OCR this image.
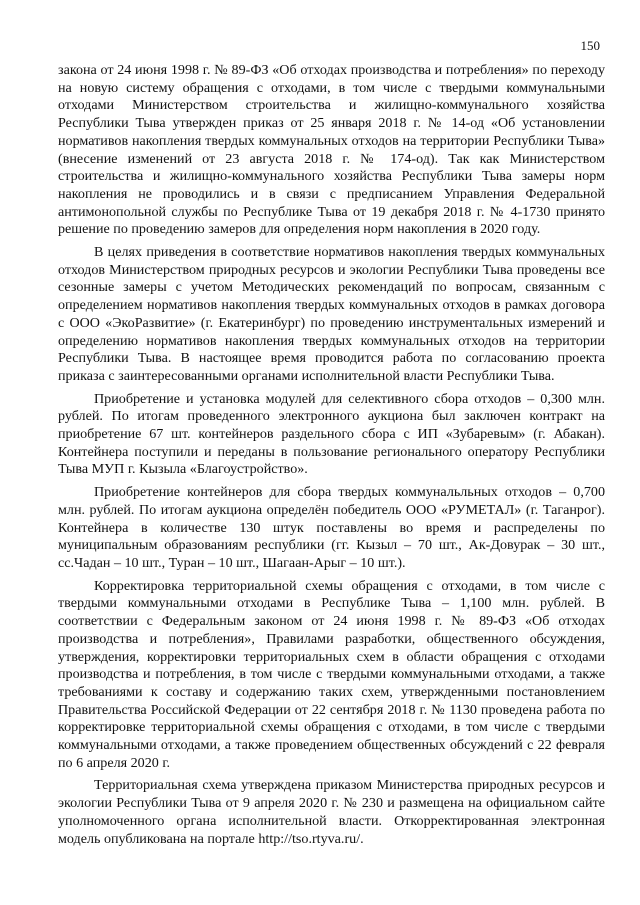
150

закона от 24 июня 1998 г. № 89-ФЗ «Об отходах производства и потребления» по переходу на новую систему обращения с отходами, в том числе с твердыми коммунальными отходами Министерством строительства и жилищно-коммунального хозяйства Республики Тыва утвержден приказ от 25 января 2018 г. № 14-од «Об установлении нормативов накопления твердых коммунальных отходов на территории Республики Тыва» (внесение изменений от 23 августа 2018 г. № 174-од). Так как Министерством строительства и жилищно-коммунального хозяйства Республики Тыва замеры норм накопления не проводились и в связи с предписанием Управления Федеральной антимонопольной службы по Республике Тыва от 19 декабря 2018 г. № 4-1730 принято решение по проведению замеров для определения норм накопления в 2020 году.

В целях приведения в соответствие нормативов накопления твердых коммунальных отходов Министерством природных ресурсов и экологии Республики Тыва проведены все сезонные замеры с учетом Методических рекомендаций по вопросам, связанным с определением нормативов накопления твердых коммунальных отходов в рамках договора с ООО «ЭкоРазвитие» (г. Екатеринбург) по проведению инструментальных измерений и определению нормативов накопления твердых коммунальных отходов на территории Республики Тыва. В настоящее время проводится работа по согласованию проекта приказа с заинтересованными органами исполнительной власти Республики Тыва.

Приобретение и установка модулей для селективного сбора отходов – 0,300 млн. рублей. По итогам проведенного электронного аукциона был заключен контракт на приобретение 67 шт. контейнеров раздельного сбора с ИП «Зубаревым» (г. Абакан). Контейнера поступили и переданы в пользование регионального оператору Республики Тыва МУП г. Кызыла «Благоустройство».

Приобретение контейнеров для сбора твердых коммунальльных отходов – 0,700 млн. рублей. По итогам аукциона определён победитель ООО «РУМЕТАЛ» (г. Таганрог). Контейнера в количестве 130 штук поставлены во время и распределены по муниципальным образованиям республики (гг. Кызыл – 70 шт., Ак-Довурак – 30 шт., сс.Чадан – 10 шт., Туран – 10 шт., Шагаан-Арыг – 10 шт.).

Корректировка территориальной схемы обращения с отходами, в том числе с твердыми коммунальными отходами в Республике Тыва – 1,100 млн. рублей. В соответствии с Федеральным законом от 24 июня 1998 г. № 89-ФЗ «Об отходах производства и потребления», Правилами разработки, общественного обсуждения, утверждения, корректировки территориальных схем в области обращения с отходами производства и потребления, в том числе с твердыми коммунальными отходами, а также требованиями к составу и содержанию таких схем, утвержденными постановлением Правительства Российской Федерации от 22 сентября 2018 г. № 1130 проведена работа по корректировке территориальной схемы обращения с отходами, в том числе с твердыми коммунальными отходами, а также проведением общественных обсуждений с 22 февраля по 6 апреля 2020 г.

Территориальная схема утверждена приказом Министерства природных ресурсов и экологии Республики Тыва от 9 апреля 2020 г. № 230 и размещена на официальном сайте уполномоченного органа исполнительной власти. Откорректированная электронная модель опубликована на портале http://tso.rtyva.ru/.
